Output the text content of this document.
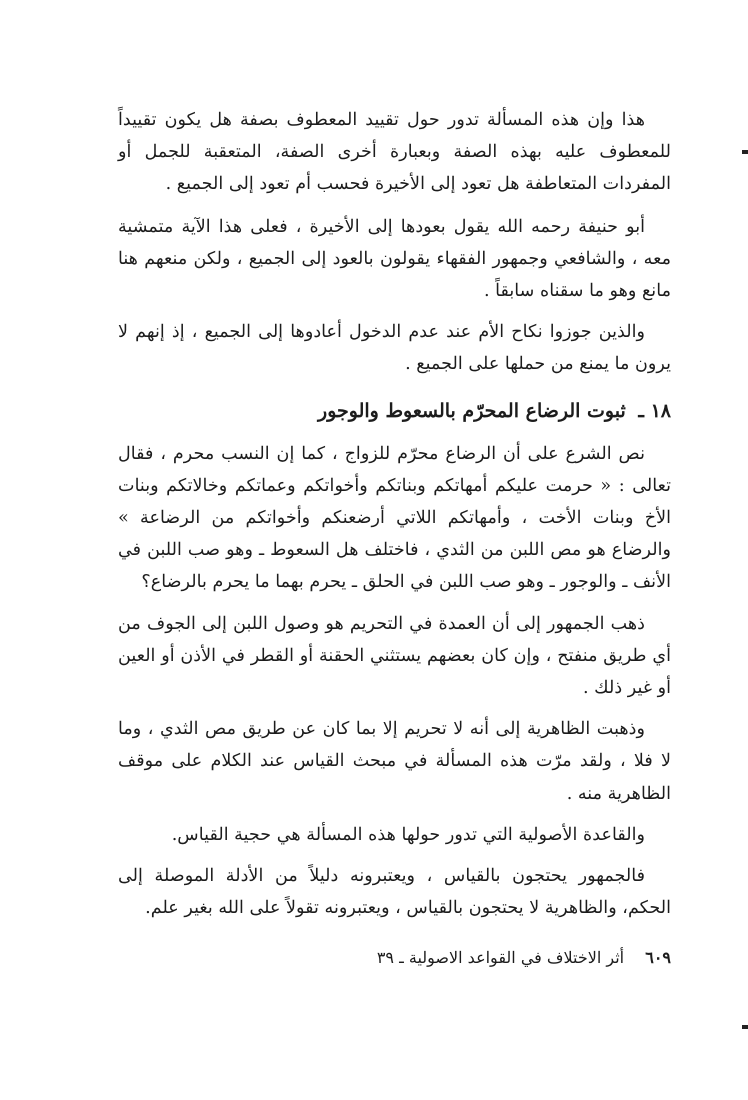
هذا وإن هذه المسألة تدور حول تقييد المعطوف بصفة هل يكون تقييداً للمعطوف عليه بهذه الصفة وبعبارة أخرى الصفة، المتعقبة للجمل أو المفردات المتعاطفة هل تعود إلى الأخيرة فحسب أم تعود إلى الجميع .

أبو حنيفة رحمه الله يقول بعودها إلى الأخيرة ، فعلى هذا الآية متمشية معه ، والشافعي وجمهور الفقهاء يقولون بالعود إلى الجميع ، ولكن منعهم هنا مانع وهو ما سقناه سابقاً .

والذين جوزوا نكاح الأم عند عدم الدخول أعادوها إلى الجميع ، إذ إنهم لا يرون ما يمنع من حملها على الجميع .

١٨ ـ ثبوت الرضاع المحرّم بالسعوط والوجور

نص الشرع على أن الرضاع محرّم للزواج ، كما إن النسب محرم ، فقال تعالى : « حرمت عليكم أمهاتكم وبناتكم وأخواتكم وعماتكم وخالاتكم وبنات الأخ وبنات الأخت ، وأمهاتكم اللاتي أرضعنكم وأخواتكم من الرضاعة » والرضاع هو مص اللبن من الثدي ، فاختلف هل السعوط ـ وهو صب اللبن في الأنف ـ والوجور ـ وهو صب اللبن في الحلق ـ يحرم بهما ما يحرم بالرضاع؟

ذهب الجمهور إلى أن العمدة في التحريم هو وصول اللبن إلى الجوف من أي طريق منفتح ، وإن كان بعضهم يستثني الحقنة أو القطر في الأذن أو العين أو غير ذلك .

وذهبت الظاهرية إلى أنه لا تحريم إلا بما كان عن طريق مص الثدي ، وما لا فلا ، ولقد مرّت هذه المسألة في مبحث القياس عند الكلام على موقف الظاهرية منه .

والقاعدة الأصولية التي تدور حولها هذه المسألة هي حجية القياس.

فالجمهور يحتجون بالقياس ، ويعتبرونه دليلاً من الأدلة الموصلة إلى الحكم، والظاهرية لا يحتجون بالقياس ، ويعتبرونه تقولاً على الله بغير علم.

٦٠٩ أثر الاختلاف في القواعد الاصولية ـ ٣٩
